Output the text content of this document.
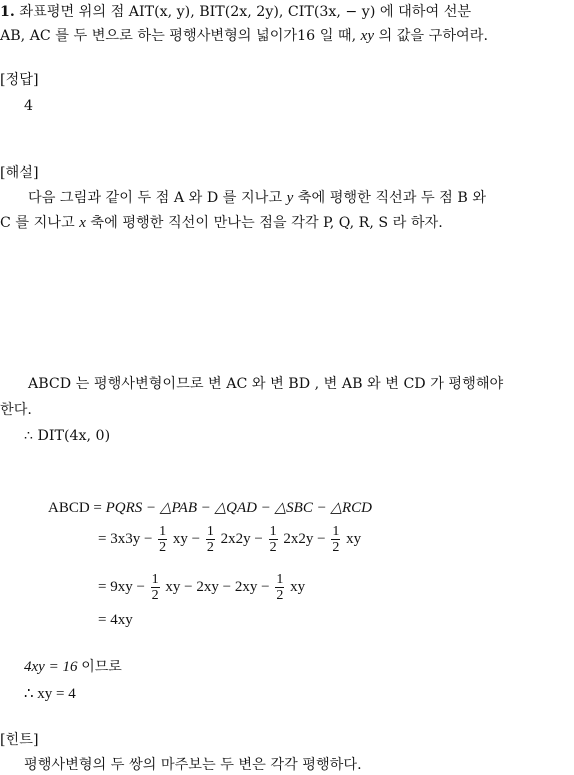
1. 좌표평면 위의 점 AIT(x, y), BIT(2x, 2y), CIT(3x, − y) 에 대하여 선분
AB, AC 를 두 변으로 하는 평행사변형의 넓이가16 일 때, xy 의 값을 구하여라.
[정답]
4
[해설]
다음 그림과 같이 두 점 A 와 D 를 지나고 y 축에 평행한 직선과 두 점 B 와
C 를 지나고 x 축에 평행한 직선이 만나는 점을 각각 P, Q, R, S 라 하자.
ABCD 는 평행사변형이므로 변 AC 와 변 BD , 변 AB 와 변 CD 가 평행해야
한다.
∴ DIT(4x, 0)
ABCD = PQRS − △PAB − △QAD − △SBC − △RCD
= $3x3y - \frac{1}{2}$ xy − $\frac{1}{2} 2x2y - \frac{1}{2} 2x2y - \frac{1}{2}$ xy
= $9xy - \frac{1}{2}$ xy − $2xy - 2xy - \frac{1}{2}$ xy
= 4xy
4xy = 16 이므로
∴ xy = 4
[힌트]
평행사변형의 두 쌍의 마주보는 두 변은 각각 평행하다.
